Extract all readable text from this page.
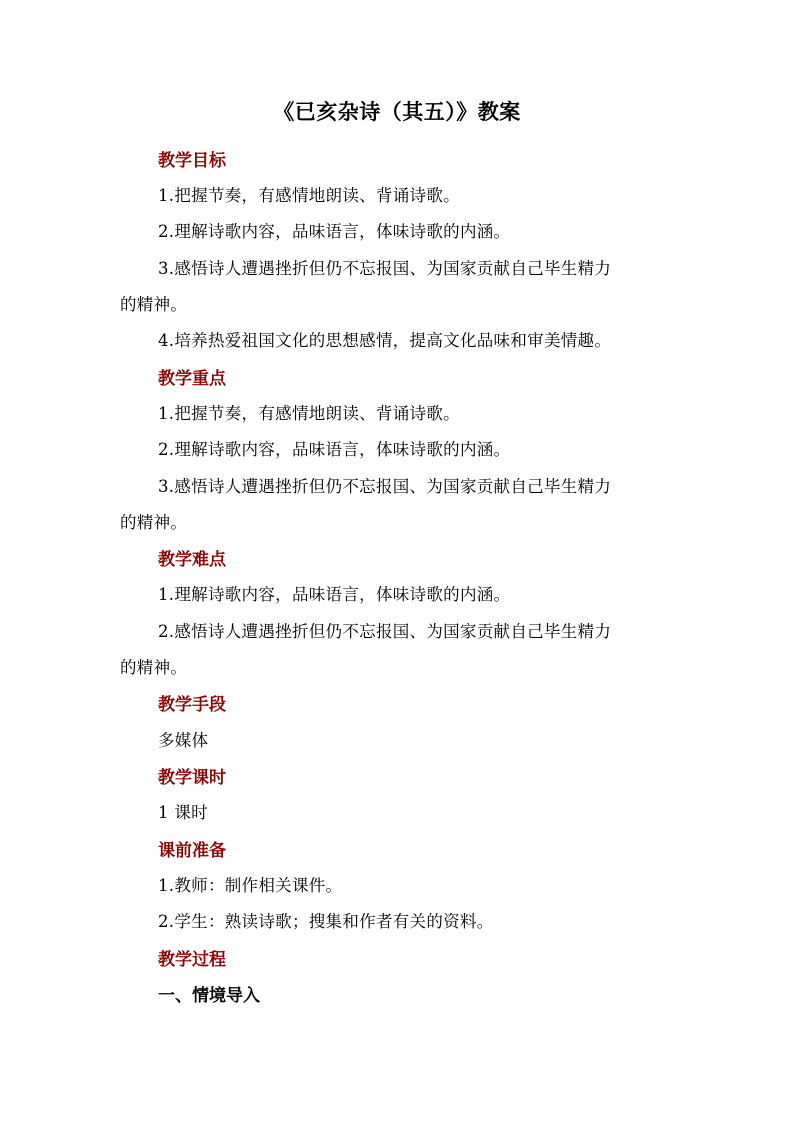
《已亥杂诗（其五）》教案
教学目标
1.把握节奏，有感情地朗读、背诵诗歌。
2.理解诗歌内容，品味语言，体味诗歌的内涵。
3.感悟诗人遭遇挫折但仍不忘报国、为国家贡献自己毕生精力
的精神。
4.培养热爱祖国文化的思想感情，提高文化品味和审美情趣。
教学重点
1.把握节奏，有感情地朗读、背诵诗歌。
2.理解诗歌内容，品味语言，体味诗歌的内涵。
3.感悟诗人遭遇挫折但仍不忘报国、为国家贡献自己毕生精力
的精神。
教学难点
1.理解诗歌内容，品味语言，体味诗歌的内涵。
2.感悟诗人遭遇挫折但仍不忘报国、为国家贡献自己毕生精力
的精神。
教学手段
多媒体
教学课时
1 课时
课前准备
1.教师：制作相关课件。
2.学生：熟读诗歌；搜集和作者有关的资料。
教学过程
一、情境导入
